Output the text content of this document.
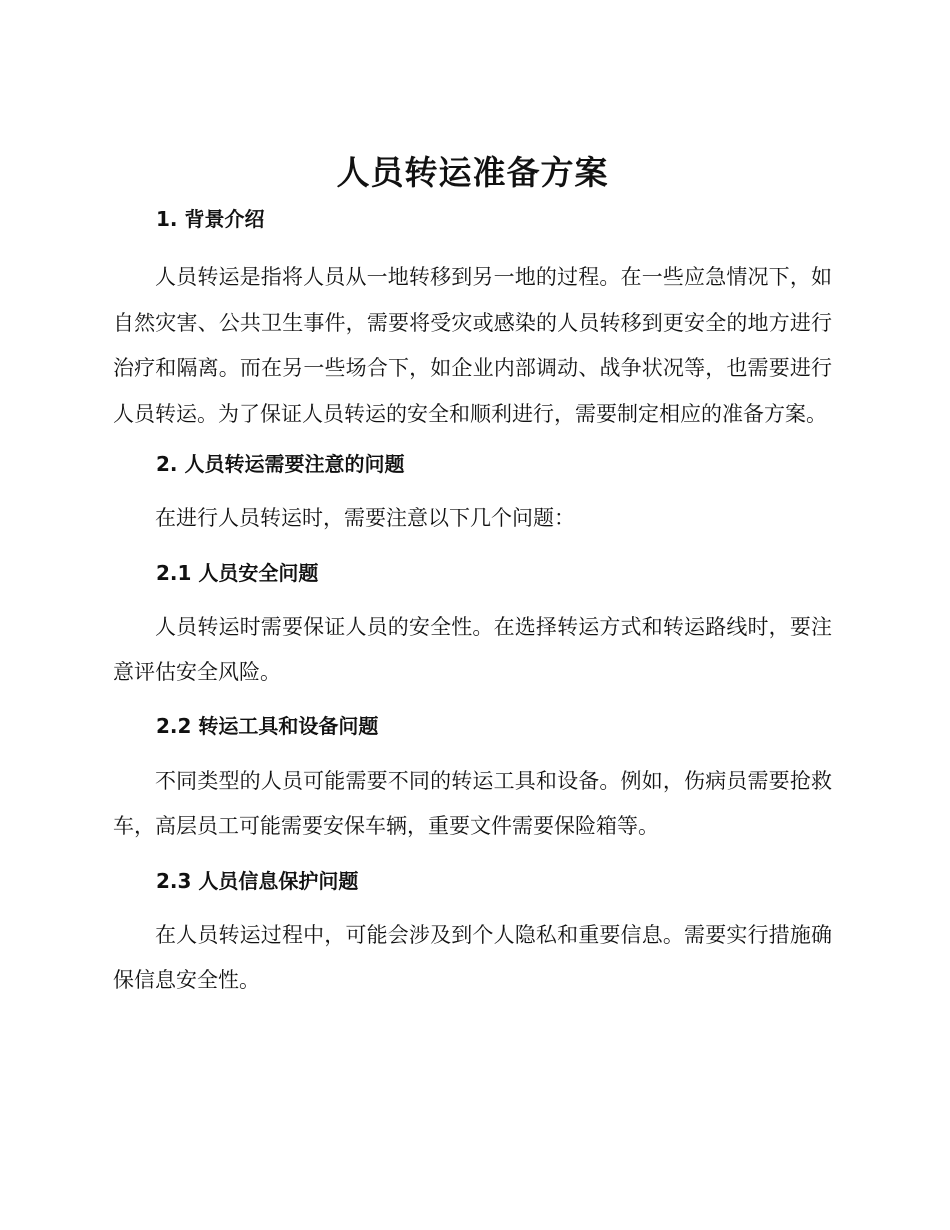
人员转运准备方案
1. 背景介绍

人员转运是指将人员从一地转移到另一地的过程。在一些应急情况下，如自然灾害、公共卫生事件，需要将受灾或感染的人员转移到更安全的地方进行治疗和隔离。而在另一些场合下，如企业内部调动、战争状况等，也需要进行人员转运。为了保证人员转运的安全和顺利进行，需要制定相应的准备方案。

2. 人员转运需要注意的问题

在进行人员转运时，需要注意以下几个问题：

2.1 人员安全问题

人员转运时需要保证人员的安全性。在选择转运方式和转运路线时，要注意评估安全风险。

2.2 转运工具和设备问题

不同类型的人员可能需要不同的转运工具和设备。例如，伤病员需要抢救车，高层员工可能需要安保车辆，重要文件需要保险箱等。

2.3 人员信息保护问题

在人员转运过程中，可能会涉及到个人隐私和重要信息。需要实行措施确保信息安全性。
